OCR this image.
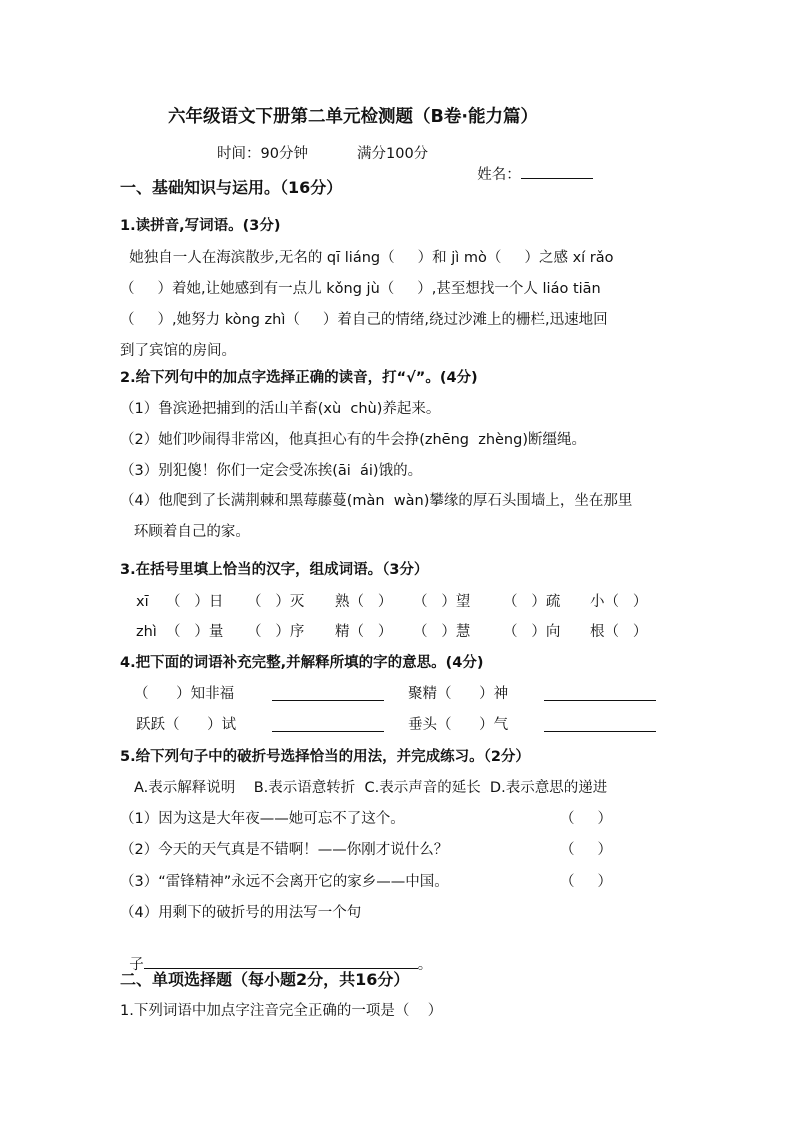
六年级语文下册第二单元检测题（B卷·能力篇）
时间：90分钟	满分100分

姓名：

一、基础知识与运用。（16分）
1.读拼音,写词语。(3分)
她独自一人在海滨散步,无名的 qī liáng（     ）和 jì mò（     ）之感 xí rǎo
（     ）着她,让她感到有一点儿 kǒng jù（     ）,甚至想找一个人 liáo tiān
（     ）,她努力 kòng zhì（     ）着自己的情绪,绕过沙滩上的栅栏,迅速地回
到了宾馆的房间。
2.给下列句中的加点字选择正确的读音，打“√”。(4分)
（1）鲁滨逊把捕到的活山羊畜(xù  chù)养起来。
（2）她们吵闹得非常凶，他真担心有的牛会挣(zhēng  zhèng)断缰绳。
（3）别犯傻！你们一定会受冻挨(āi  ái)饿的。
（4）他爬到了长满荆棘和黑莓藤蔓(màn  wàn)攀缘的厚石头围墙上，坐在那里
环顾着自己的家。
3.在括号里填上恰当的汉字，组成词语。（3分）
xī （   ）日 （   ）灭 熟（   ） （   ）望 （   ）疏 小（   ）
zhì （   ）量 （   ）序 精（   ） （   ）慧 （   ）向 根（   ）
4.把下面的词语补充完整,并解释所填的字的意思。(4分)
（      ）知非福	聚精（      ）神
跃跃（      ）试	垂头（      ）气
5.给下列句子中的破折号选择恰当的用法，并完成练习。（2分）
A.表示解释说明    B.表示语意转折  C.表示声音的延长  D.表示意思的递进
（1）因为这是大年夜——她可忘不了这个。	（     ）
（2）今天的天气真是不错啊！——你刚才说什么？	（     ）
（3）“雷锋精神”永远不会离开它的家乡——中国。	（     ）
（4）用剩下的破折号的用法写一个句

子	。

二、单项选择题（每小题2分，共16分）
1.下列词语中加点字注音完全正确的一项是（    ）
